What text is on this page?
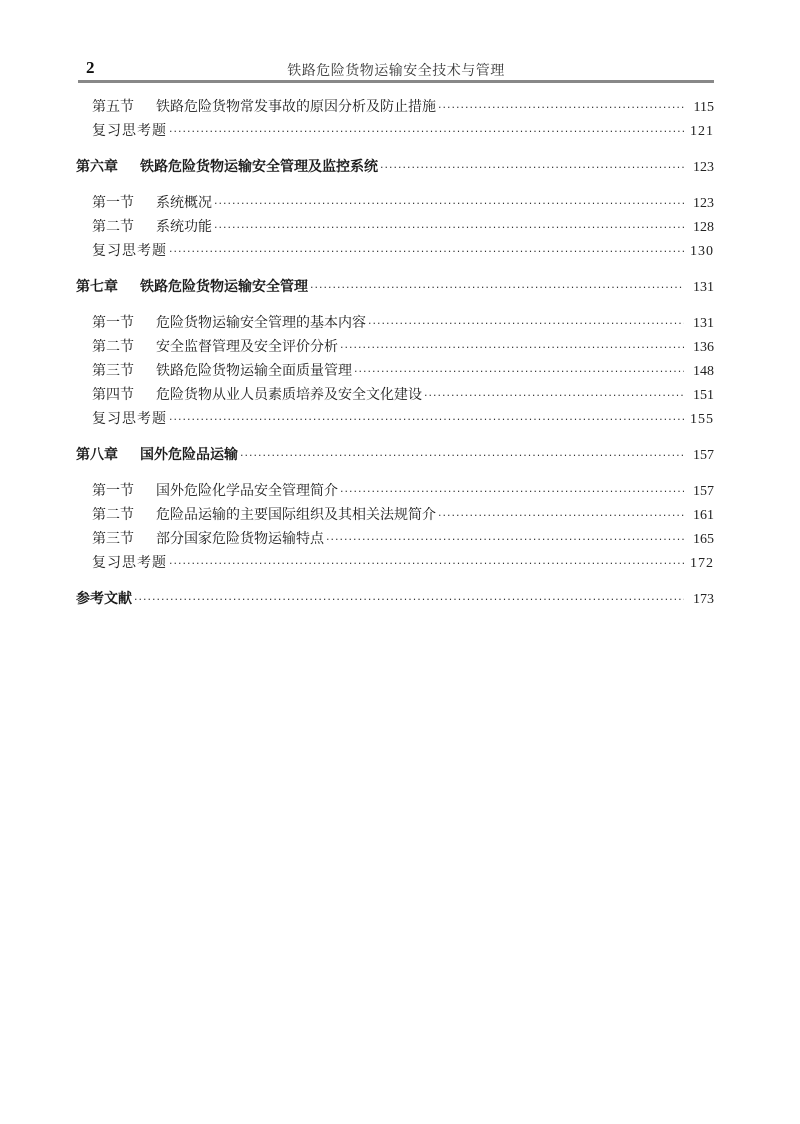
2	铁路危险货物运输安全技术与管理
第五节	铁路危险货物常发事故的原因分析及防止措施 ·····	115
复习思考题 ·····	121
第六章	铁路危险货物运输安全管理及监控系统 ·····	123
第一节	系统概况 ·····	123
第二节	系统功能 ·····	128
复习思考题 ·····	130
第七章	铁路危险货物运输安全管理 ·····	131
第一节	危险货物运输安全管理的基本内容 ·····	131
第二节	安全监督管理及安全评价分析 ·····	136
第三节	铁路危险货物运输全面质量管理 ·····	148
第四节	危险货物从业人员素质培养及安全文化建设 ·····	151
复习思考题 ·····	155
第八章	国外危险品运输 ·····	157
第一节	国外危险化学品安全管理简介 ·····	157
第二节	危险品运输的主要国际组织及其相关法规简介 ·····	161
第三节	部分国家危险货物运输特点 ·····	165
复习思考题 ·····	172
参考文献 ·····	173
